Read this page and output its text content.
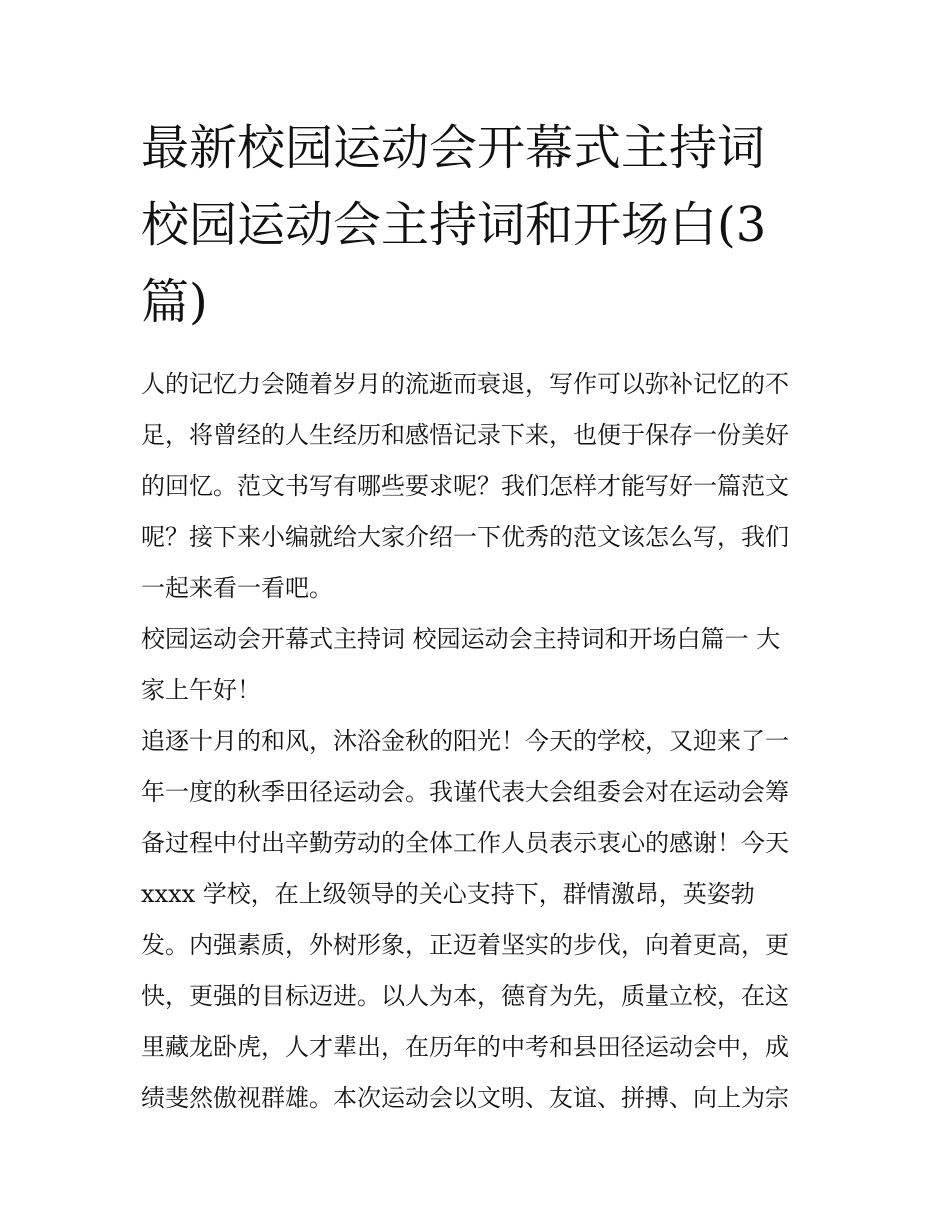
最新校园运动会开幕式主持词
校园运动会主持词和开场白(3
篇)

人的记忆力会随着岁月的流逝而衰退，写作可以弥补记忆的不
足，将曾经的人生经历和感悟记录下来，也便于保存一份美好
的回忆。范文书写有哪些要求呢？我们怎样才能写好一篇范文
呢？接下来小编就给大家介绍一下优秀的范文该怎么写，我们
一起来看一看吧。

校园运动会开幕式主持词 校园运动会主持词和开场白篇一 大
家上午好！

追逐十月的和风，沐浴金秋的阳光！今天的学校，又迎来了一
年一度的秋季田径运动会。我谨代表大会组委会对在运动会筹
备过程中付出辛勤劳动的全体工作人员表示衷心的感谢！今天
xxxx 学校，在上级领导的关心支持下，群情激昂，英姿勃
发。内强素质，外树形象，正迈着坚实的步伐，向着更高，更
快，更强的目标迈进。以人为本，德育为先，质量立校，在这
里藏龙卧虎，人才辈出，在历年的中考和县田径运动会中，成
绩斐然傲视群雄。本次运动会以文明、友谊、拼搏、向上为宗
